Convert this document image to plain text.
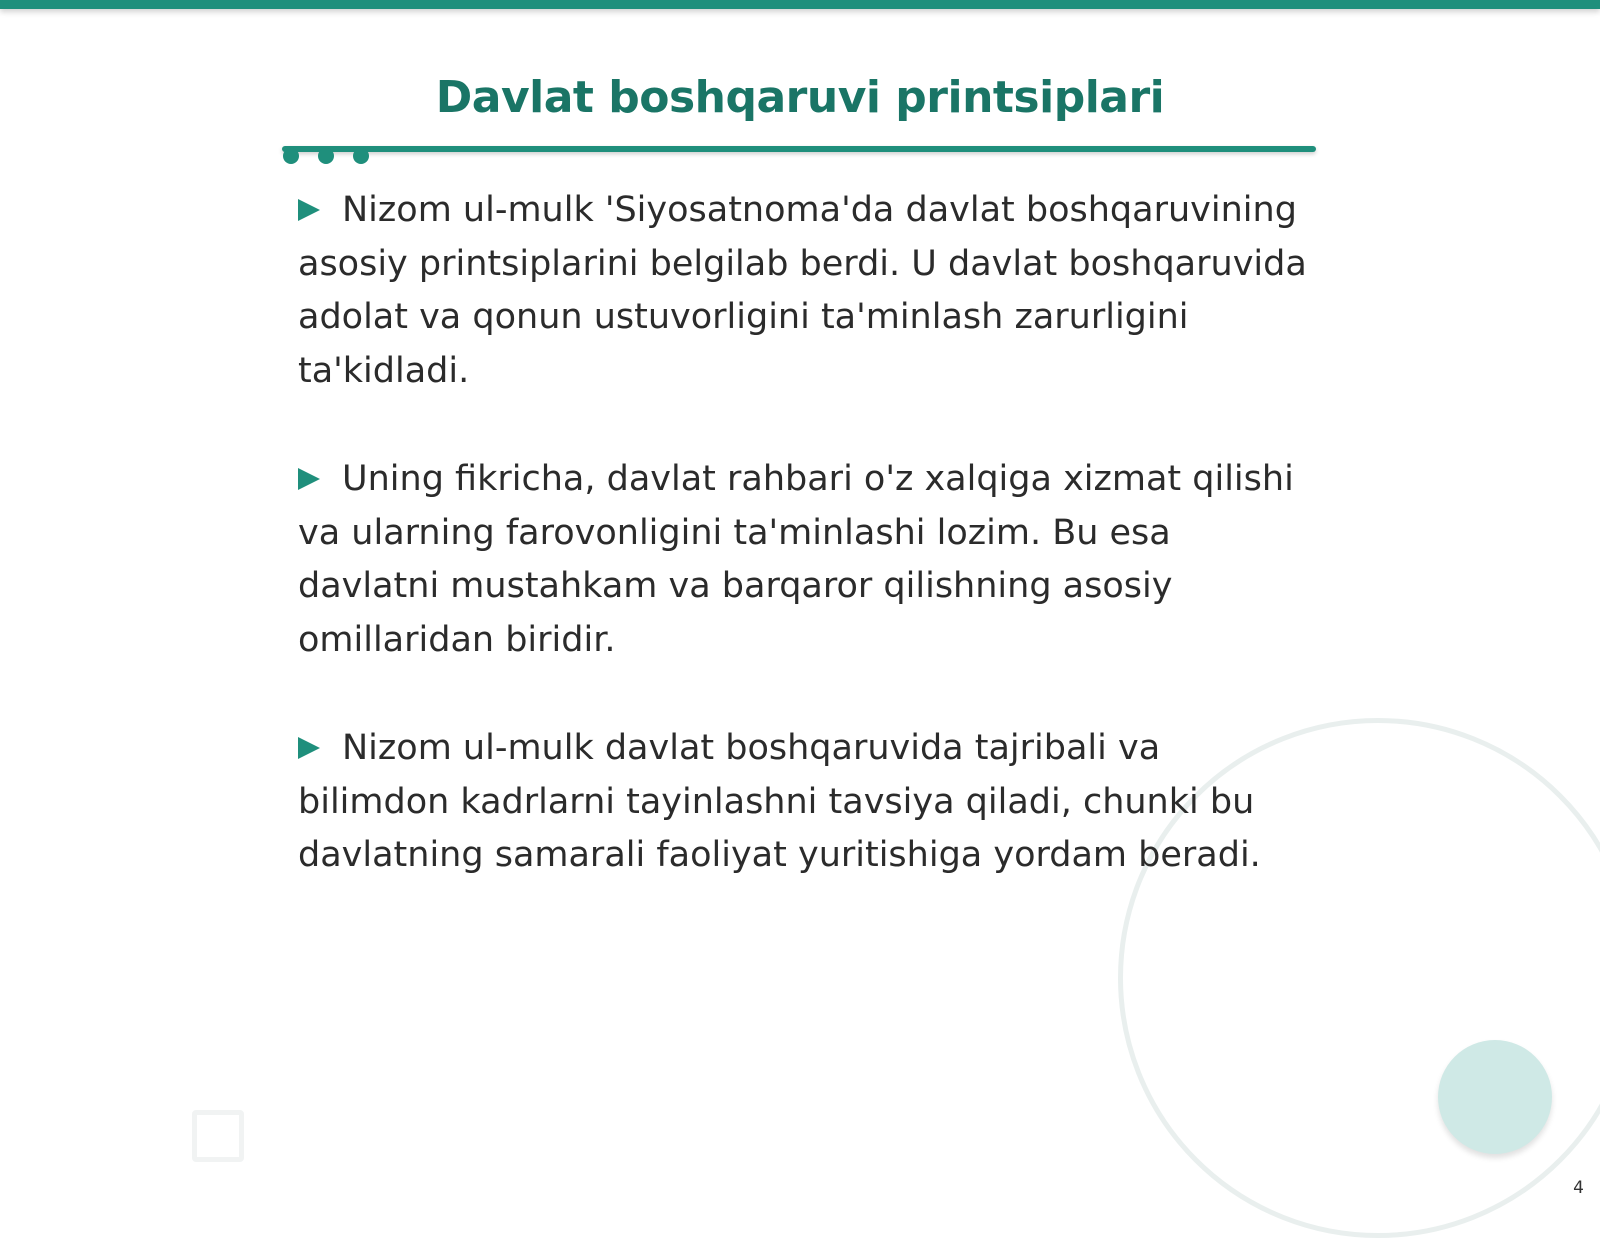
Davlat boshqaruvi printsiplari

Nizom ul-mulk 'Siyosatnoma'da davlat boshqaruvining asosiy printsiplarini belgilab berdi. U davlat boshqaruvida adolat va qonun ustuvorligini ta'minlash zarurligini ta'kidladi.

Uning fikricha, davlat rahbari o'z xalqiga xizmat qilishi va ularning farovonligini ta'minlashi lozim. Bu esa davlatni mustahkam va barqaror qilishning asosiy omillaridan biridir.

Nizom ul-mulk davlat boshqaruvida tajribali va bilimdon kadrlarni tayinlashni tavsiya qiladi, chunki bu davlatning samarali faoliyat yuritishiga yordam beradi.

4
